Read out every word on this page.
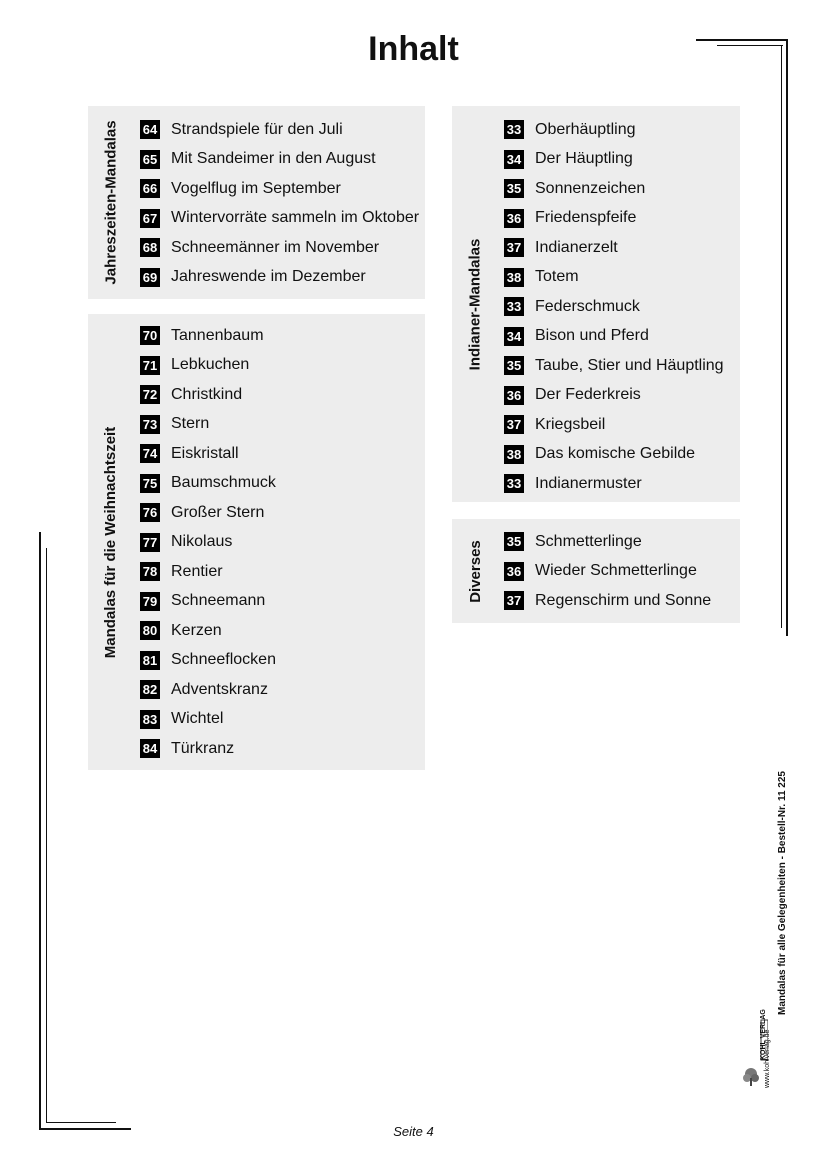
Inhalt
Jahreszeiten-Mandalas 64 Strandspiele für den Juli
65 Mit Sandeimer in den August
66 Vogelflug im September
67 Wintervorräte sammeln im Oktober
68 Schneemänner im November
69 Jahreswende im Dezember
Mandalas für die Weihnachtszeit
70 Tannenbaum
71 Lebkuchen
72 Christkind
73 Stern
74 Eiskristall
75 Baumschmuck
76 Großer Stern
77 Nikolaus
78 Rentier
79 Schneemann
80 Kerzen
81 Schneeflocken
82 Adventskranz
83 Wichtel
84 Türkranz
Indianer-Mandalas
33 Oberhäuptling
34 Der Häuptling
35 Sonnenzeichen
36 Friedenspfeife
37 Indianerzelt
38 Totem
33 Federschmuck
34 Bison und Pferd
35 Taube, Stier und Häuptling
36 Der Federkreis
37 Kriegsbeil
38 Das komische Gebilde
33 Indianermuster
Diverses 35 Schmetterlinge
36 Wieder Schmetterlinge
37 Regenschirm und Sonne
Mandalas für alle Gelegenheiten - Bestell-Nr. 11 225
www.kohlverlag.de
KOHL VERLAG
Seite 4
